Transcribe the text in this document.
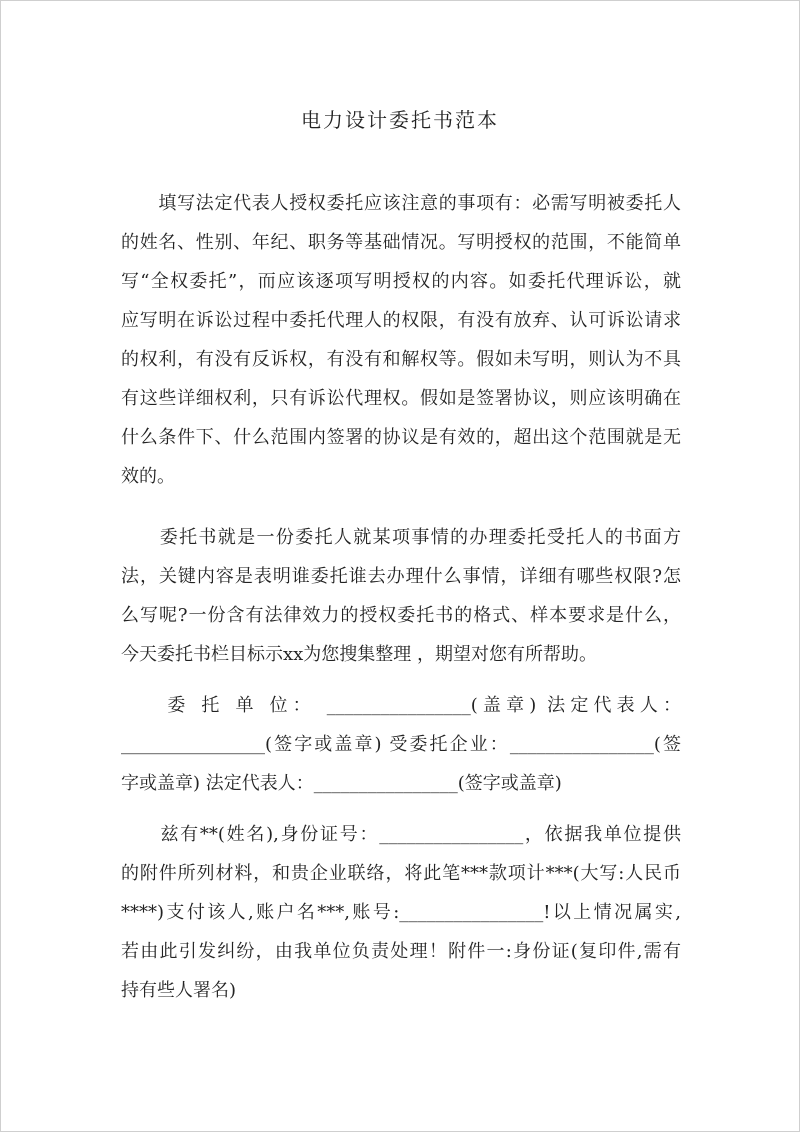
电力设计委托书范本
　　填写法定代表人授权委托应该注意的事项有：必需写明被委托人
的姓名、性别、年纪、职务等基础情况。写明授权的范围，不能简单
写“全权委托”，而应该逐项写明授权的内容。如委托代理诉讼，就
应写明在诉讼过程中委托代理人的权限，有没有放弃、认可诉讼请求
的权利，有没有反诉权，有没有和解权等。假如未写明，则认为不具
有这些详细权利，只有诉讼代理权。假如是签署协议，则应该明确在
什么条件下、什么范围内签署的协议是有效的，超出这个范围就是无
效的。
　　委托书就是一份委托人就某项事情的办理委托受托人的书面方
法，关键内容是表明谁委托谁去办理什么事情，详细有哪些权限?怎
么写呢?一份含有法律效力的授权委托书的格式、样本要求是什么，
今天委托书栏目标示xx为您搜集整理 ，期望对您有所帮助。
　　委 托 单 位： ________________(盖章) 法定代表人：
________________(签字或盖章) 受委托企业：________________(签
字或盖章) 法定代表人：________________(签字或盖章)
　　兹有**(姓名),身份证号：________________，依据我单位提供
的附件所列材料，和贵企业联络，将此笔***款项计***(大写:人民币
****)支付该人,账户名***,账号:________________!以上情况属实,
若由此引发纠纷，由我单位负责处理！附件一:身份证(复印件,需有
持有些人署名)
